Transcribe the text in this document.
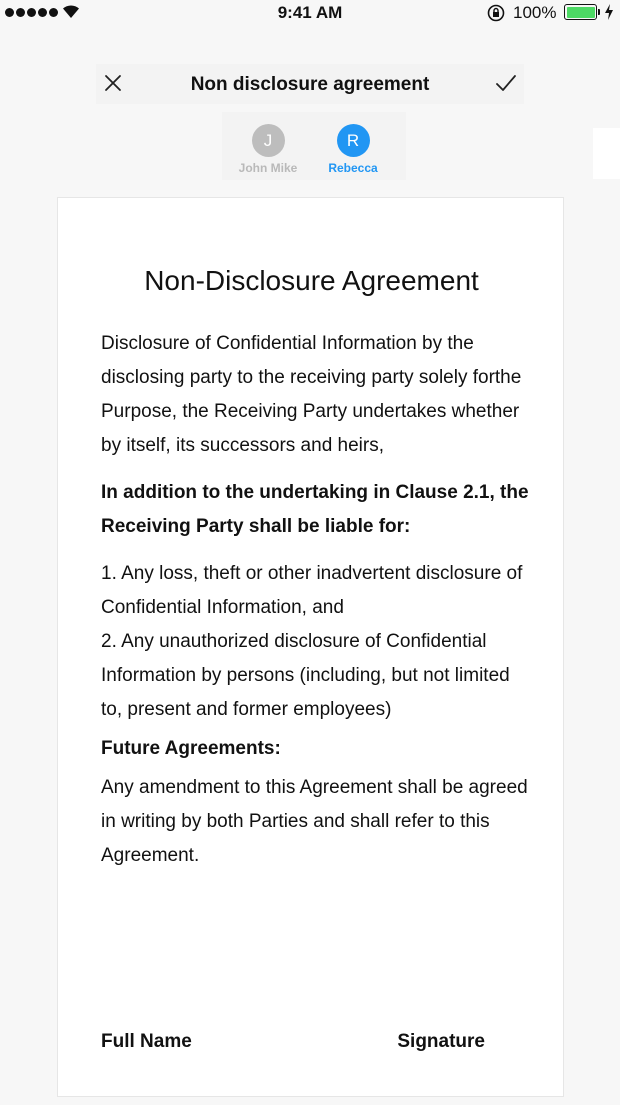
9:41 AM	100%
Non disclosure agreement
J
John Mike
R
Rebecca
Non-Disclosure Agreement

Disclosure of Confidential Information by the disclosing party to the receiving party solely forthe Purpose, the Receiving Party undertakes whether by itself, its successors and heirs,

In addition to the undertaking in Clause 2.1, the Receiving Party shall be liable for:

1. Any loss, theft or other inadvertent disclosure of Confidential Information, and

2. Any unauthorized disclosure of Confidential Information by persons (including, but not limited to, present and former employees)

Future Agreements:

Any amendment to this Agreement shall be agreed in writing by both Parties and shall refer to this Agreement.

Full Name	Signature
